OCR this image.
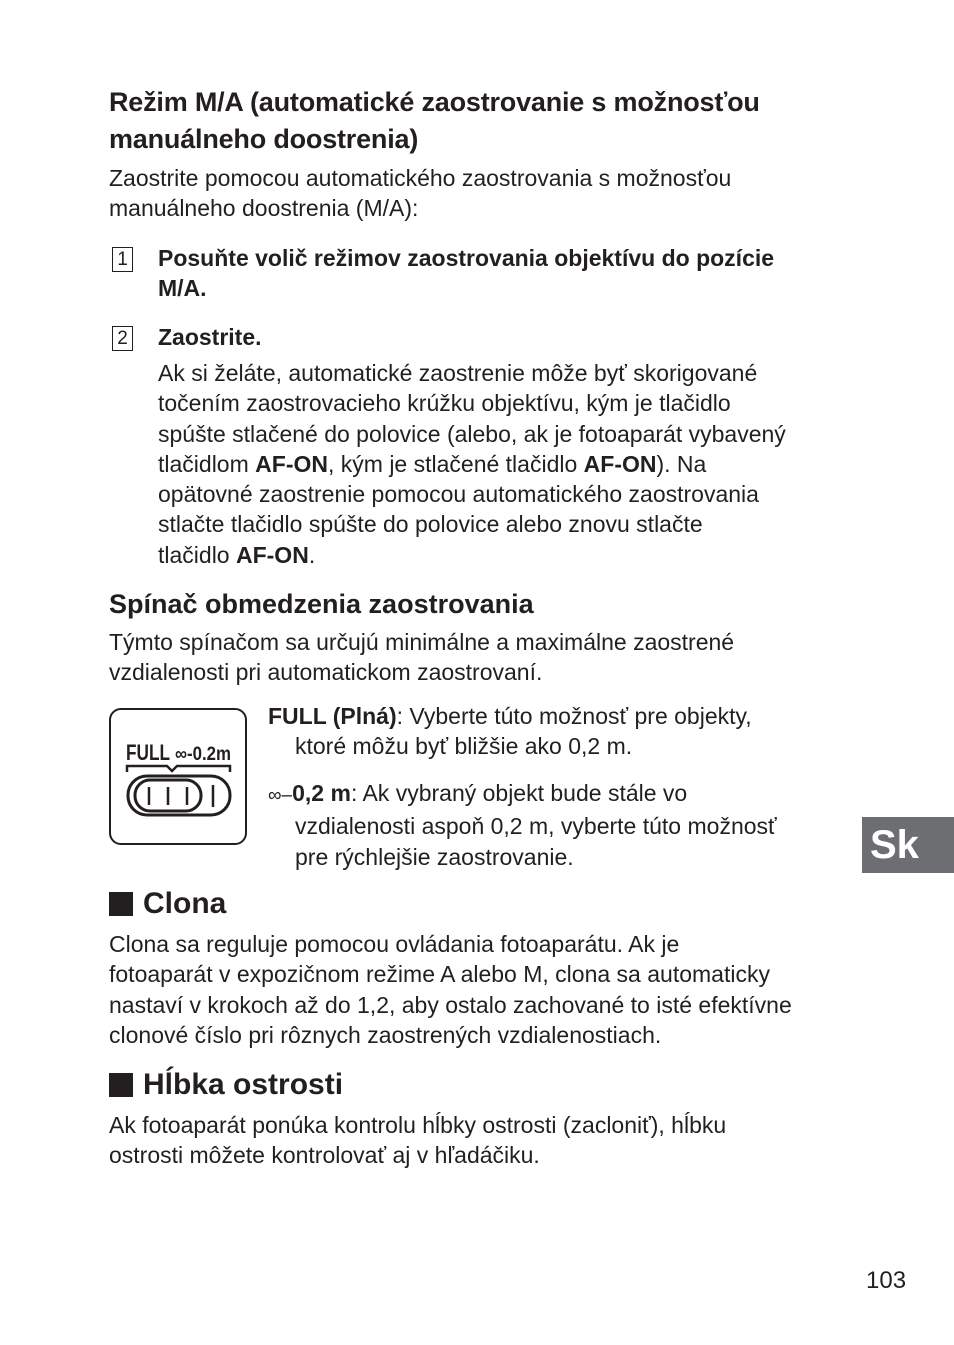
Režim M/A (automatické zaostrovanie s možnosťou
manuálneho doostrenia)
Zaostrite pomocou automatického zaostrovania s možnosťou
manuálneho doostrenia (M/A):
1 Posuňte volič režimov zaostrovania objektívu do pozície
M/A.
2 Zaostrite.
Ak si želáte, automatické zaostrenie môže byť skorigované
točením zaostrovacieho krúžku objektívu, kým je tlačidlo
spúšte stlačené do polovice (alebo, ak je fotoaparát vybavený
tlačidlom AF-ON, kým je stlačené tlačidlo AF-ON). Na
opätovné zaostrenie pomocou automatického zaostrovania
stlačte tlačidlo spúšte do polovice alebo znovu stlačte
tlačidlo AF-ON.
Spínač obmedzenia zaostrovania
Týmto spínačom sa určujú minimálne a maximálne zaostrené
vzdialenosti pri automatickom zaostrovaní.
FULL ∞-0.2m
FULL (Plná): Vyberte túto možnosť pre objekty,
ktoré môžu byť bližšie ako 0,2 m.
∞–0,2 m: Ak vybraný objekt bude stále vo
vzdialenosti aspoň 0,2 m, vyberte túto možnosť
pre rýchlejšie zaostrovanie.	Sk
Clona
Clona sa reguluje pomocou ovládania fotoaparátu. Ak je
fotoaparát v expozičnom režime A alebo M, clona sa automaticky
nastaví v krokoch až do 1,2, aby ostalo zachované to isté efektívne
clonové číslo pri rôznych zaostrených vzdialenostiach.
Hĺbka ostrosti
Ak fotoaparát ponúka kontrolu hĺbky ostrosti (zacloniť), hĺbku
ostrosti môžete kontrolovať aj v hľadáčiku.
103
